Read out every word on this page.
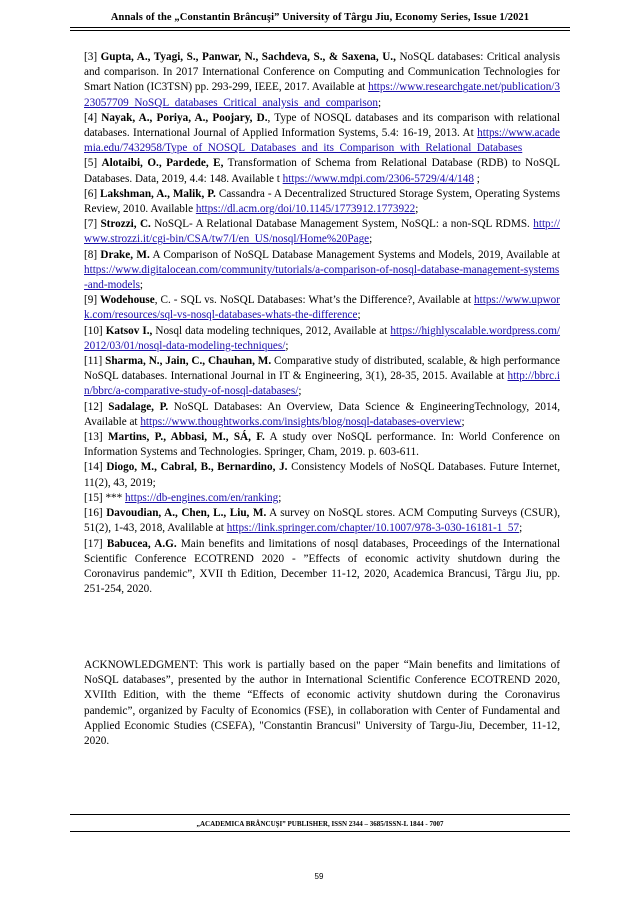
Annals of the „Constantin Brâncuşi” University of Târgu Jiu, Economy Series, Issue 1/2021

[3] Gupta, A., Tyagi, S., Panwar, N., Sachdeva, S., & Saxena, U., NoSQL databases: Critical analysis and comparison. In 2017 International Conference on Computing and Communication Technologies for Smart Nation (IC3TSN) pp. 293-299, IEEE, 2017. Available at https://www.researchgate.net/publication/323057709_NoSQL_databases_Critical_analysis_and_comparison;

[4] Nayak, A., Poriya, A., Poojary, D., Type of NOSQL databases and its comparison with relational databases. International Journal of Applied Information Systems, 5.4: 16-19, 2013. At https://www.academia.edu/7432958/Type_of_NOSQL_Databases_and_its_Comparison_with_Relational_Databases

[5] Alotaibi, O., Pardede, E, Transformation of Schema from Relational Database (RDB) to NoSQL Databases. Data, 2019, 4.4: 148. Available t https://www.mdpi.com/2306-5729/4/4/148 ;

[6] Lakshman, A., Malik, P. Cassandra - A Decentralized Structured Storage System, Operating Systems Review, 2010. Available https://dl.acm.org/doi/10.1145/1773912.1773922;

[7] Strozzi, C. NoSQL- A Relational Database Management System, NoSQL: a non-SQL RDMS. http://www.strozzi.it/cgi-bin/CSA/tw7/I/en_US/nosql/Home%20Page;

[8] Drake, M. A Comparison of NoSQL Database Management Systems and Models, 2019, Available at https://www.digitalocean.com/community/tutorials/a-comparison-of-nosql-database-management-systems-and-models;

[9] Wodehouse, C. - SQL vs. NoSQL Databases: What’s the Difference?, Available at https://www.upwork.com/resources/sql-vs-nosql-databases-whats-the-difference;

[10] Katsov I., Nosql data modeling techniques, 2012, Available at https://highlyscalable.wordpress.com/2012/03/01/nosql-data-modeling-techniques/;

[11] Sharma, N., Jain, C., Chauhan, M. Comparative study of distributed, scalable, & high performance NoSQL databases. International Journal in IT & Engineering, 3(1), 28-35, 2015. Available at http://bbrc.in/bbrc/a-comparative-study-of-nosql-databases/;

[12] Sadalage, P. NoSQL Databases: An Overview, Data Science & EngineeringTechnology, 2014, Available at https://www.thoughtworks.com/insights/blog/nosql-databases-overview;

[13] Martins, P., Abbasi, M., SÁ, F. A study over NoSQL performance. In: World Conference on Information Systems and Technologies. Springer, Cham, 2019. p. 603-611.

[14] Diogo, M., Cabral, B., Bernardino, J. Consistency Models of NoSQL Databases. Future Internet, 11(2), 43, 2019;

[15] *** https://db-engines.com/en/ranking;

[16] Davoudian, A., Chen, L., Liu, M. A survey on NoSQL stores. ACM Computing Surveys (CSUR), 51(2), 1-43, 2018, Avalilable at https://link.springer.com/chapter/10.1007/978-3-030-16181-1_57;

[17] Babucea, A.G. Main benefits and limitations of nosql databases, Proceedings of the International Scientific Conference ECOTREND 2020 - ”Effects of economic activity shutdown during the Coronavirus pandemic”, XVII th Edition, December 11-12, 2020, Academica Brancusi, Târgu Jiu, pp. 251-254, 2020.

ACKNOWLEDGMENT: This work is partially based on the paper “Main benefits and limitations of NoSQL databases”, presented by the author in International Scientific Conference ECOTREND 2020, XVIIth Edition, with the theme “Effects of economic activity shutdown during the Coronavirus pandemic”, organized by Faculty of Economics (FSE), in collaboration with Center of Fundamental and Applied Economic Studies (CSEFA), "Constantin Brancusi" University of Targu-Jiu, December, 11-12, 2020.
„ACADEMICA BRÂNCUŞI” PUBLISHER, ISSN 2344 – 3685/ISSN-L 1844 - 7007
59
